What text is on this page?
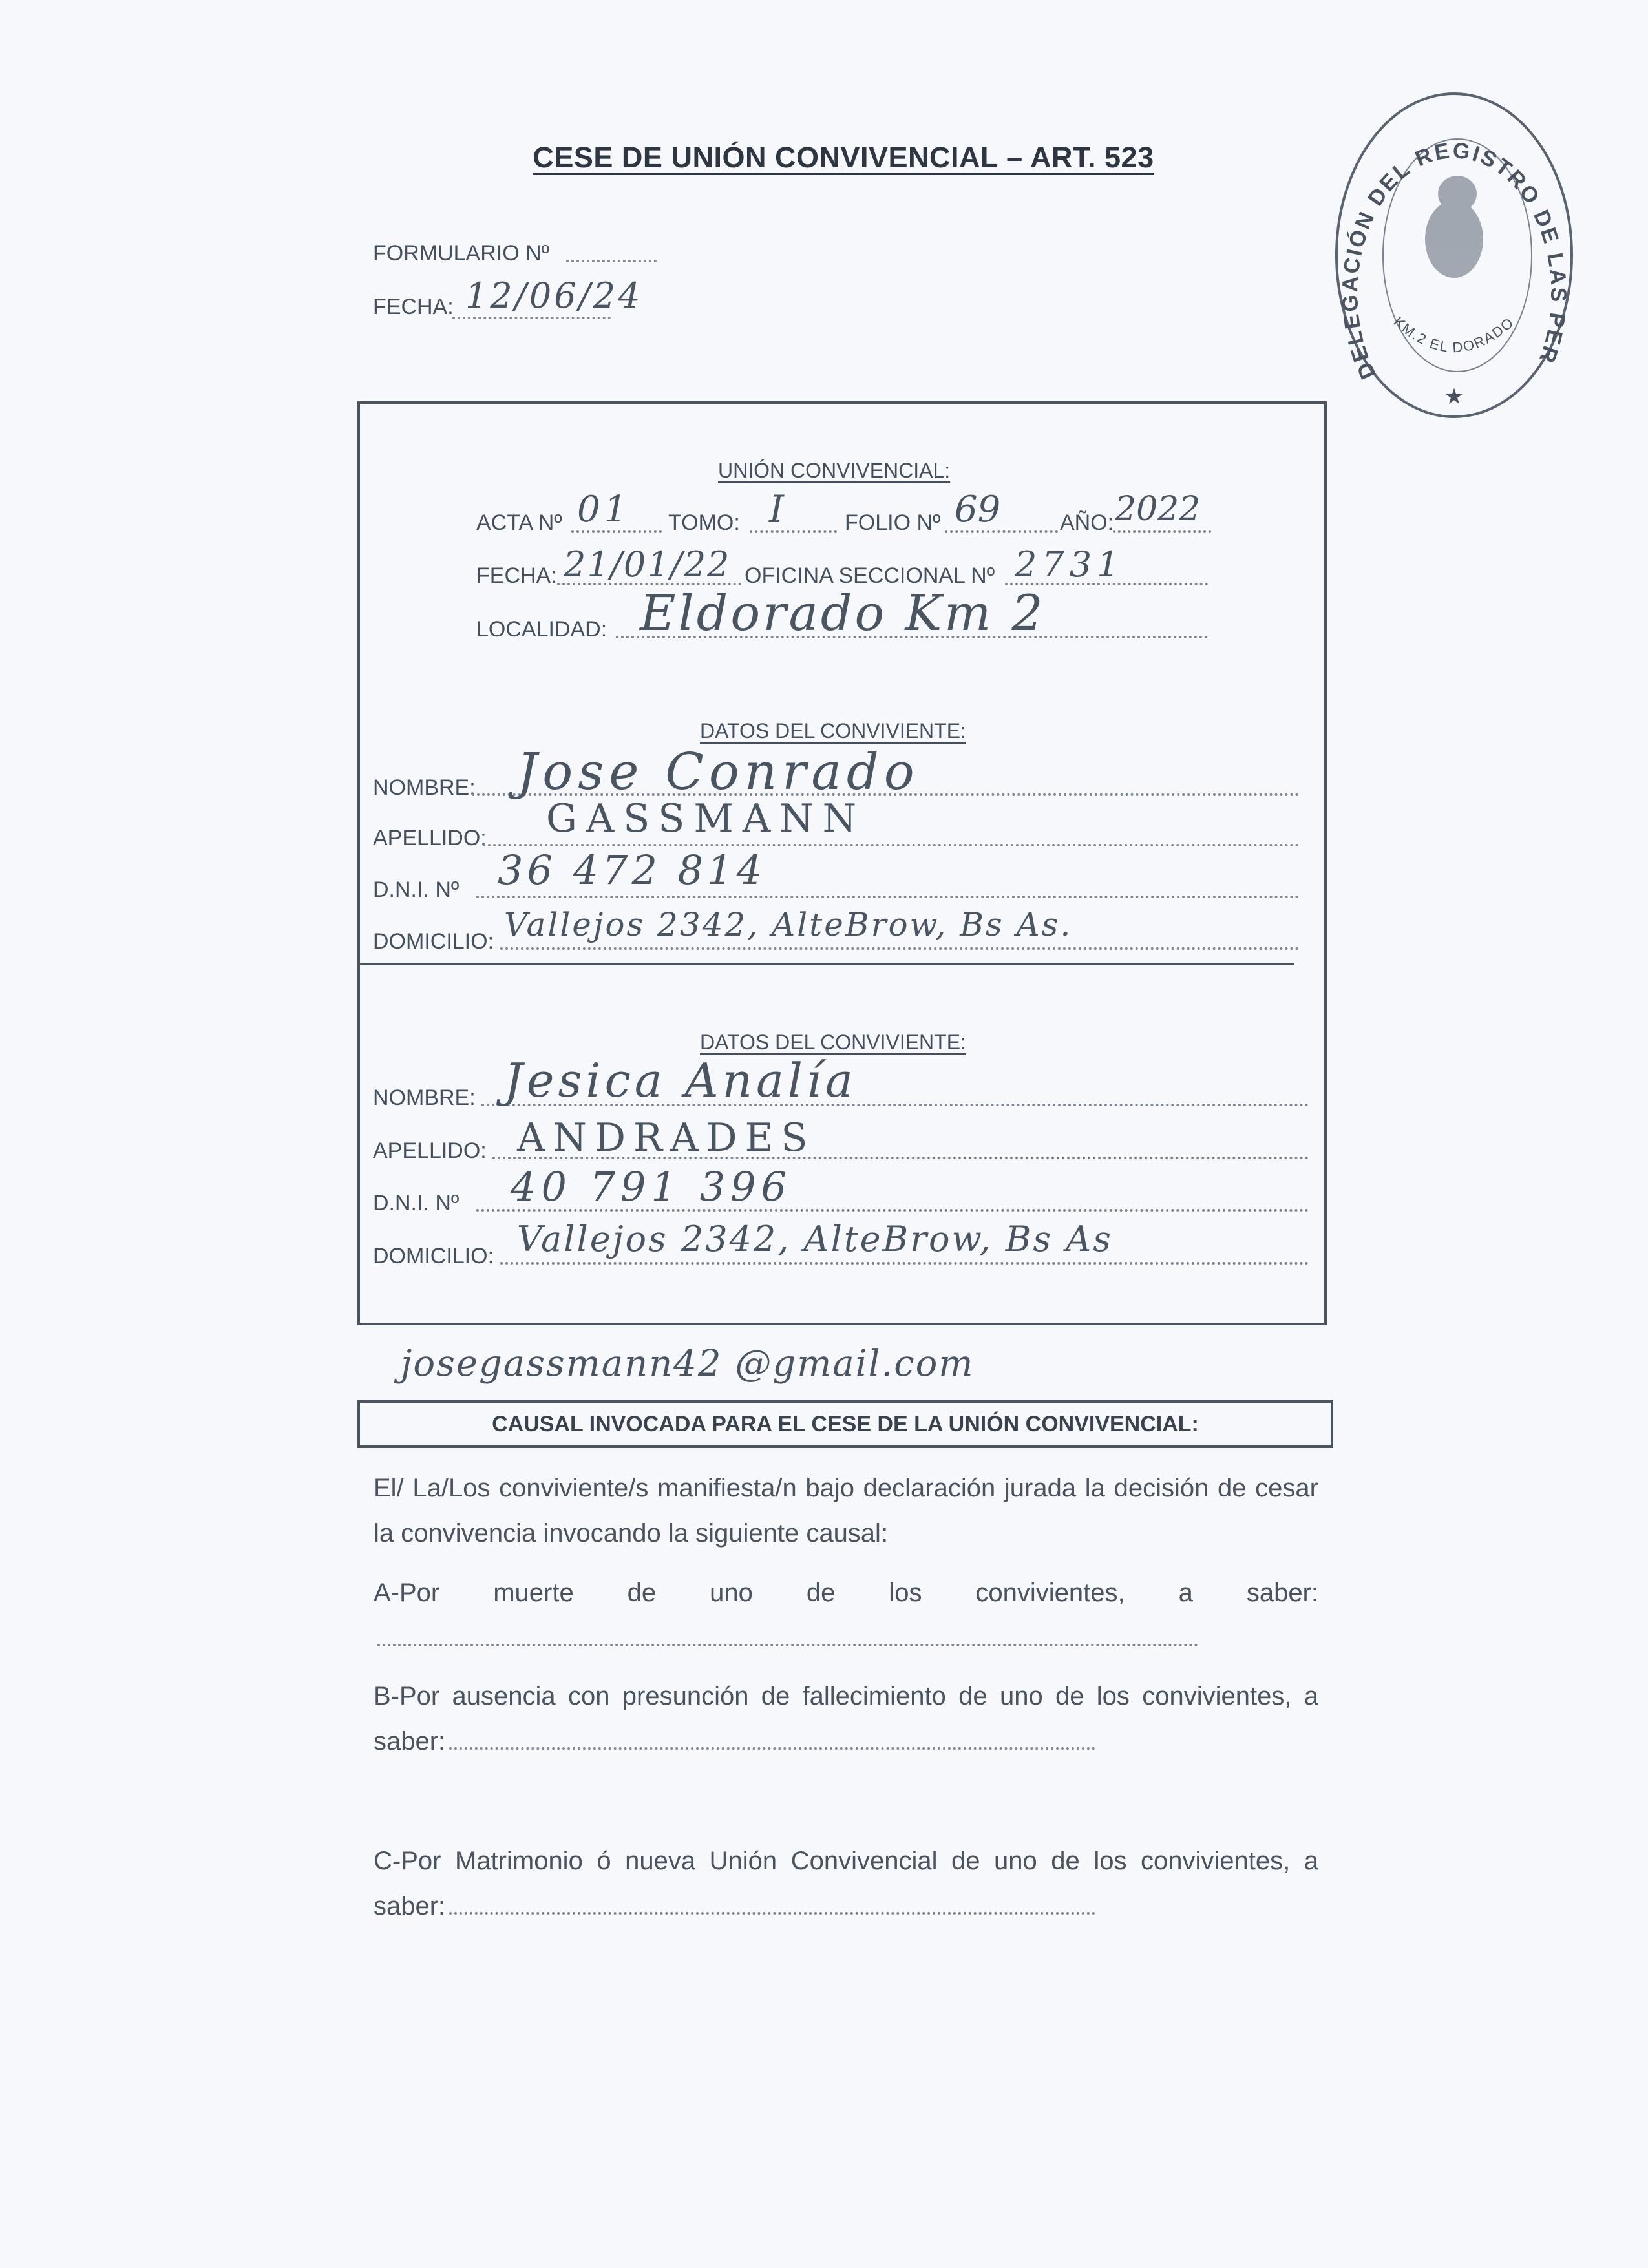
CESE DE UNIÓN CONVIVENCIAL – ART. 523
FORMULARIO Nº
FECHA: 12/06/24
DELEGACIÓN DEL REGISTRO DE LAS PER
KM.2 EL DORADO
★
UNIÓN CONVIVENCIAL:
ACTA Nº 01 TOMO: I	FOLIO Nº 69	AÑO: 2022
FECHA: 21/01/22 OFICINA SECCIONAL Nº 2731
LOCALIDAD: Eldorado Km 2
DATOS DEL CONVIVIENTE:
NOMBRE: Jose Conrado
APELLIDO: GASSMANN
D.N.I. Nº 36 472 814
DOMICILIO: Vallejos 2342, AlteBrow, Bs As.
DATOS DEL CONVIVIENTE:
NOMBRE: Jesica Analía
APELLIDO: ANDRADES
D.N.I. Nº 40 791 396
DOMICILIO: Vallejos 2342, AlteBrow, Bs As
josegassmann42 @gmail.com
CAUSAL INVOCADA PARA EL CESE DE LA UNIÓN CONVIVENCIAL:
El/ La/Los conviviente/s manifiesta/n bajo declaración jurada la decisión de cesar la convivencia invocando la siguiente causal:
A-Por muerte de uno de los convivientes, a saber:
B-Por ausencia con presunción de fallecimiento de uno de los convivientes, a saber:
C-Por Matrimonio ó nueva Unión Convivencial de uno de los convivientes, a saber:
